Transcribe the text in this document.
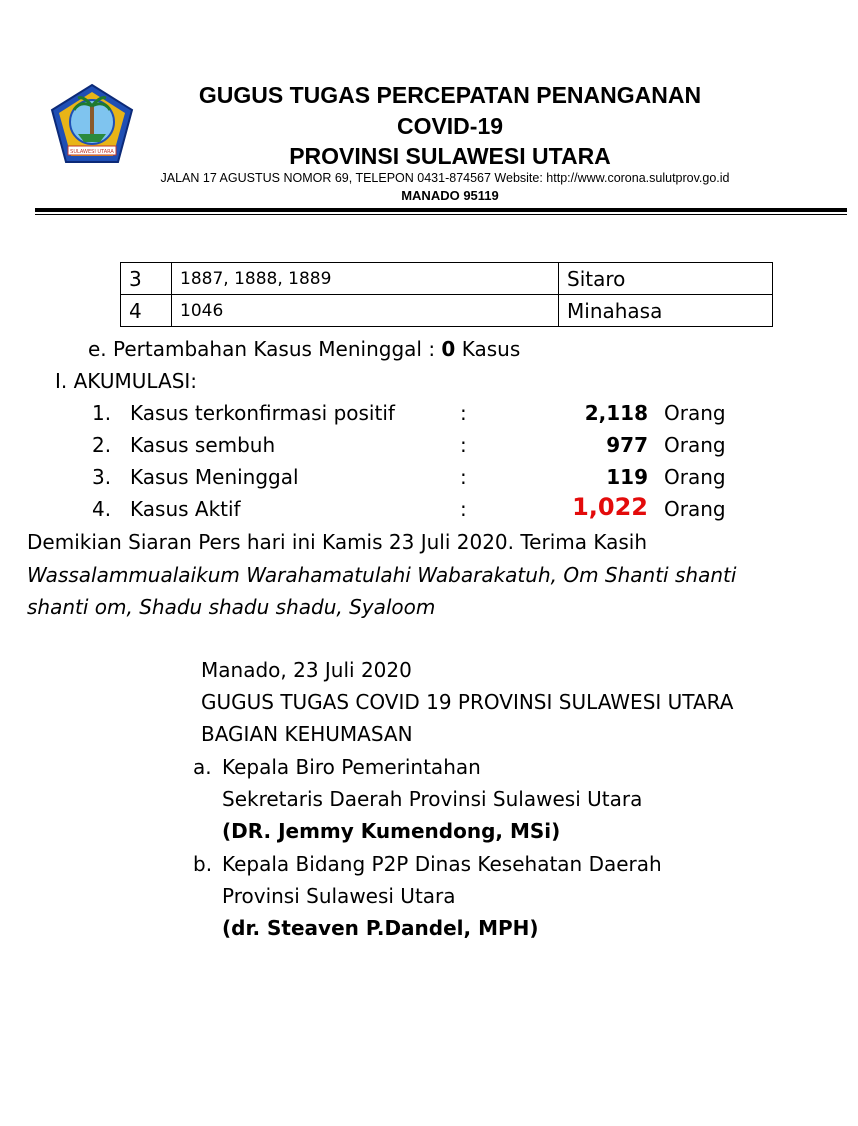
SULAWESI UTARA
GUGUS TUGAS PERCEPATAN PENANGANAN
COVID-19
PROVINSI SULAWESI UTARA
JALAN 17 AGUSTUS NOMOR 69, TELEPON 0431-874567 Website: http://www.corona.sulutprov.go.id
MANADO 95119
3	1887, 1888, 1889	Sitaro
4	1046	Minahasa
e. Pertambahan Kasus Meninggal : 0 Kasus
I. AKUMULASI:
1. Kasus terkonfirmasi positif	:	2,118 Orang
2. Kasus sembuh	:	977 Orang
3. Kasus Meninggal	:	119 Orang
4. Kasus Aktif	:	1,022 Orang
Demikian Siaran Pers hari ini Kamis 23 Juli 2020. Terima Kasih
Wassalammualaikum Warahamatulahi Wabarakatuh, Om Shanti shanti
shanti om, Shadu shadu shadu, Syaloom
Manado, 23 Juli 2020
GUGUS TUGAS COVID 19 PROVINSI SULAWESI UTARA
BAGIAN KEHUMASAN
a. Kepala Biro Pemerintahan
Sekretaris Daerah Provinsi Sulawesi Utara
(DR. Jemmy Kumendong, MSi)
b. Kepala Bidang P2P Dinas Kesehatan Daerah
Provinsi Sulawesi Utara
(dr. Steaven P.Dandel, MPH)
